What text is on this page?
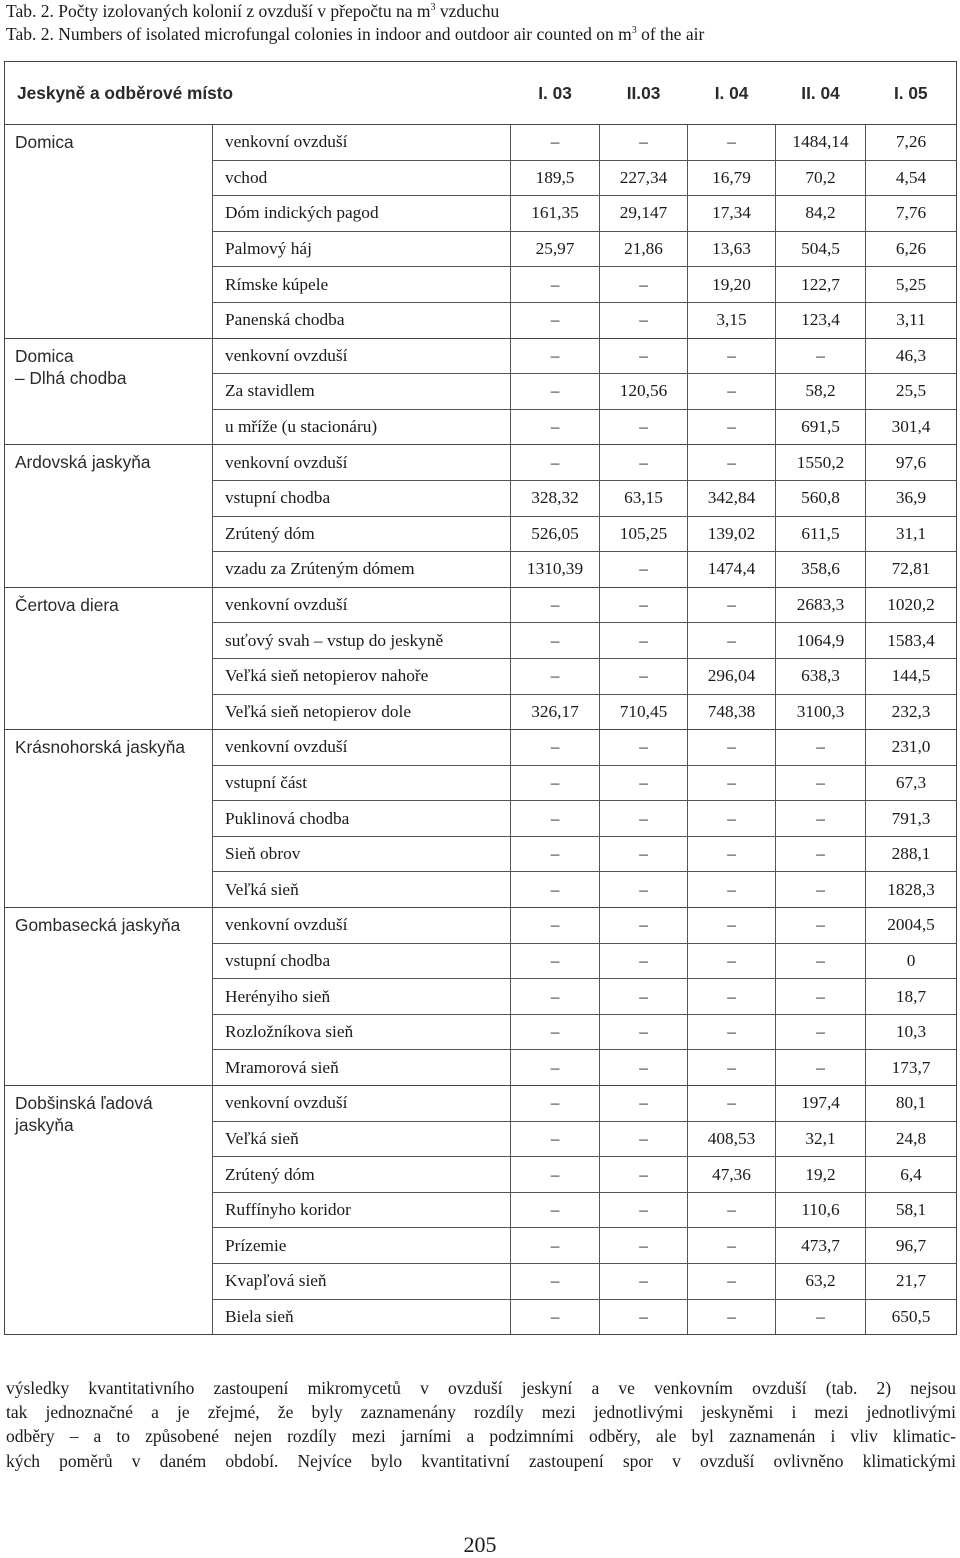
Tab. 2. Počty izolovaných kolonií z ovzduší v přepočtu na $m^3$ vzduchu
Tab. 2. Numbers of isolated microfungal colonies in indoor and outdoor air counted on $m^3$ of the air
Jeskyně a odběrové místo		I. 03	II.03	I. 04	II. 04	I. 05

Domica	venkovní ovzduší	–	–	–	1484,14	7,26
	vchod	189,5	227,34	16,79	70,2	4,54
	Dóm indických pagod	161,35	29,147	17,34	84,2	7,76
	Palmový háj	25,97	21,86	13,63	504,5	6,26
	Rímske kúpele	–	–	19,20	122,7	5,25
	Panenská chodba	–	–	3,15	123,4	3,11

Domica
– Dlhá chodba	venkovní ovzduší	–	–	–	–	46,3
	Za stavidlem	–	120,56	–	58,2	25,5
	u mříže (u stacionáru)	–	–	–	691,5	301,4

Ardovská jaskyňa	venkovní ovzduší	–	–	–	1550,2	97,6
	vstupní chodba	328,32	63,15	342,84	560,8	36,9
	Zrútený dóm	526,05	105,25	139,02	611,5	31,1
	vzadu za Zrúteným dómem	1310,39	–	1474,4	358,6	72,81

Čertova diera	venkovní ovzduší	–	–	–	2683,3	1020,2
	suťový svah – vstup do jeskyně	–	–	–	1064,9	1583,4
	Veľká sieň netopierov nahoře	–	–	296,04	638,3	144,5
	Veľká sieň netopierov dole	326,17	710,45	748,38	3100,3	232,3

Krásnohorská jaskyňa	venkovní ovzduší	–	–	–	–	231,0
	vstupní část	–	–	–	–	67,3
	Puklinová chodba	–	–	–	–	791,3
	Sieň obrov	–	–	–	–	288,1
	Veľká sieň	–	–	–	–	1828,3

Gombasecká jaskyňa	venkovní ovzduší	–	–	–	–	2004,5
	vstupní chodba	–	–	–	–	0
	Herényiho sieň	–	–	–	–	18,7
	Rozložníkova sieň	–	–	–	–	10,3
	Mramorová sieň	–	–	–	–	173,7

Dobšinská ľadová
jaskyňa	venkovní ovzduší	–	–	–	197,4	80,1
	Veľká sieň	–	–	408,53	32,1	24,8
	Zrútený dóm	–	–	47,36	19,2	6,4
	Ruffínyho koridor	–	–	–	110,6	58,1
	Prízemie	–	–	–	473,7	96,7
	Kvapľová sieň	–	–	–	63,2	21,7
	Biela sieň	–	–	–	–	650,5
výsledky kvantitativního zastoupení mikromycetů v ovzduší jeskyní a ve venkovním ovzduší (tab. 2) nejsou
tak jednoznačné a je zřejmé, že byly zaznamenány rozdíly mezi jednotlivými jeskyněmi i mezi jednotlivými
odběry – a to způsobené nejen rozdíly mezi jarními a podzimními odběry, ale byl zaznamenán i vliv klimatic-
kých poměrů v daném období. Nejvíce bylo kvantitativní zastoupení spor v ovzduší ovlivněno klimatickými
205
